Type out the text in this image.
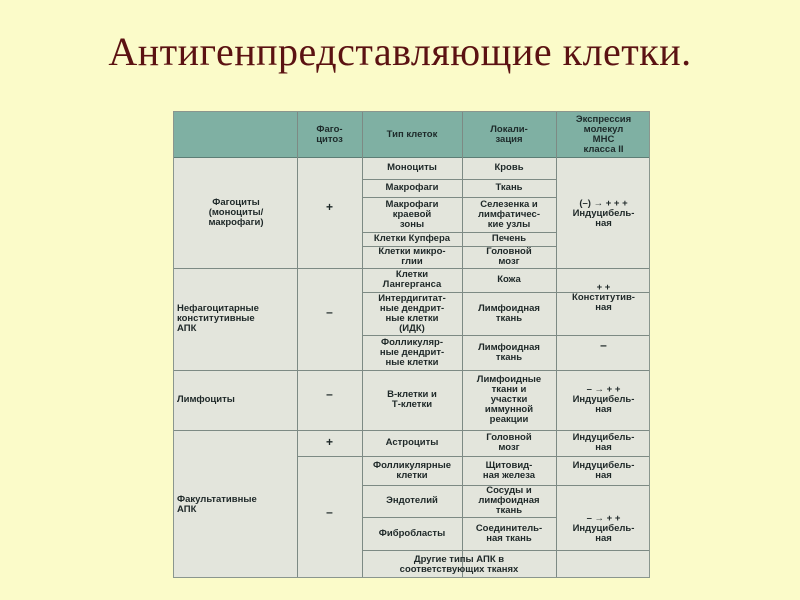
Антигенпредставляющие клетки.
Фаго-
цитоз	Тип клеток	Локали-
зация
Экспрессия
молекул
МНС
класса II
Фагоциты
(моноциты/
макрофаги)
Нефагоцитарные
конститутивные
АПК
Лимфоциты
Факультативные
АПК
+
–
–
+
–
Моноциты
Макрофаги
Макрофаги
краевой
зоны
Клетки Купфера
Клетки микро-
глии
Клетки
Лангерганса
Интердигитат-
ные дендрит-
ные клетки
(ИДК)
Фолликуляр-
ные дендрит-
ные клетки
В-клетки и
Т-клетки
Астроциты
Фолликулярные
клетки
Эндотелий
Фибробласты
Другие типы АПК в
соответствующих тканях
Кровь
Ткань
Селезенка и
лимфатичес-
кие узлы
Печень
Головной
мозг
Кожа
Лимфоидная
ткань
Лимфоидная
ткань
Лимфоидные
ткани и
участки
иммунной
реакции
Головной
мозг
Щитовид-
ная железа
Сосуды и
лимфоидная
ткань
Соединитель-
ная ткань
(–) → + + +
Индуцибель-
ная
+ +
Конститутив-
ная
–
– → + +
Индуцибель-
ная
Индуцибель-
ная
Индуцибель-
ная
– → + +
Индуцибель-
ная
